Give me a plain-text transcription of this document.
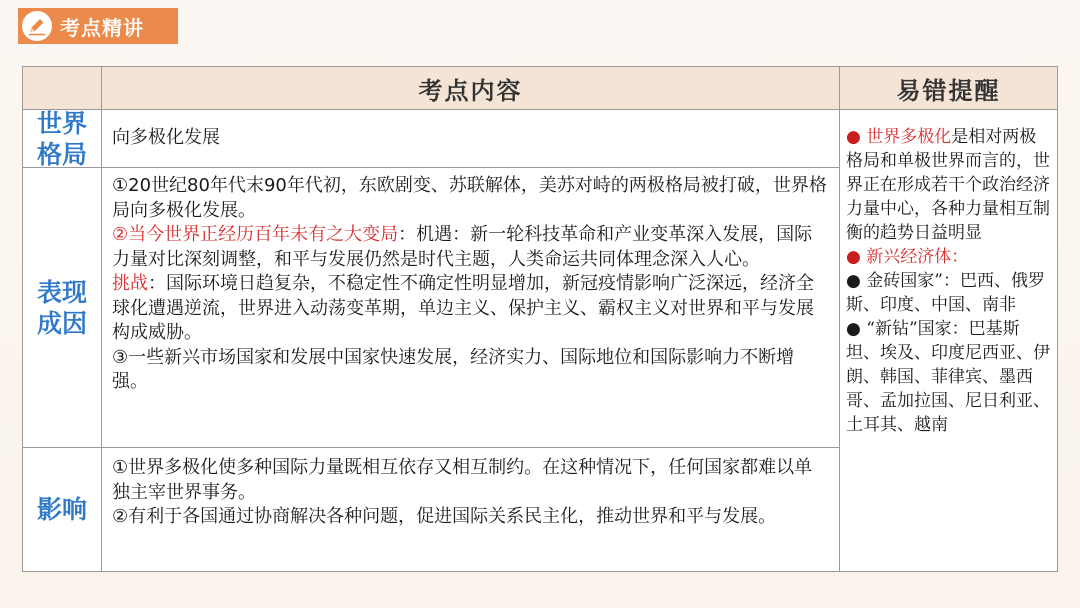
考点精讲
考点内容	易错提醒
世界格局

向多极化发展

表现成因

①20世纪80年代末90年代初，东欧剧变、苏联解体，美苏对峙的两极格局被打破，世界格局向多极化发展。

②当今世界正经历百年未有之大变局：机遇：新一轮科技革命和产业变革深入发展，国际力量对比深刻调整，和平与发展仍然是时代主题，人类命运共同体理念深入人心。

挑战：国际环境日趋复杂，不稳定性不确定性明显增加，新冠疫情影响广泛深远，经济全球化遭遇逆流，世界进入动荡变革期，单边主义、保护主义、霸权主义对世界和平与发展构成威胁。

③一些新兴市场国家和发展中国家快速发展，经济实力、国际地位和国际影响力不断增强。

影响

①世界多极化使多种国际力量既相互依存又相互制约。在这种情况下，任何国家都难以单独主宰世界事务。

②有利于各国通过协商解决各种问题，促进国际关系民主化，推动世界和平与发展。

● 世界多极化是相对两极格局和单极世界而言的，世界正在形成若干个政治经济力量中心，各种力量相互制衡的趋势日益明显

● 新兴经济体：

● 金砖国家”：巴西、俄罗斯、印度、中国、南非

● “新钻”国家：巴基斯坦、埃及、印度尼西亚、伊朗、韩国、菲律宾、墨西哥、孟加拉国、尼日利亚、土耳其、越南
